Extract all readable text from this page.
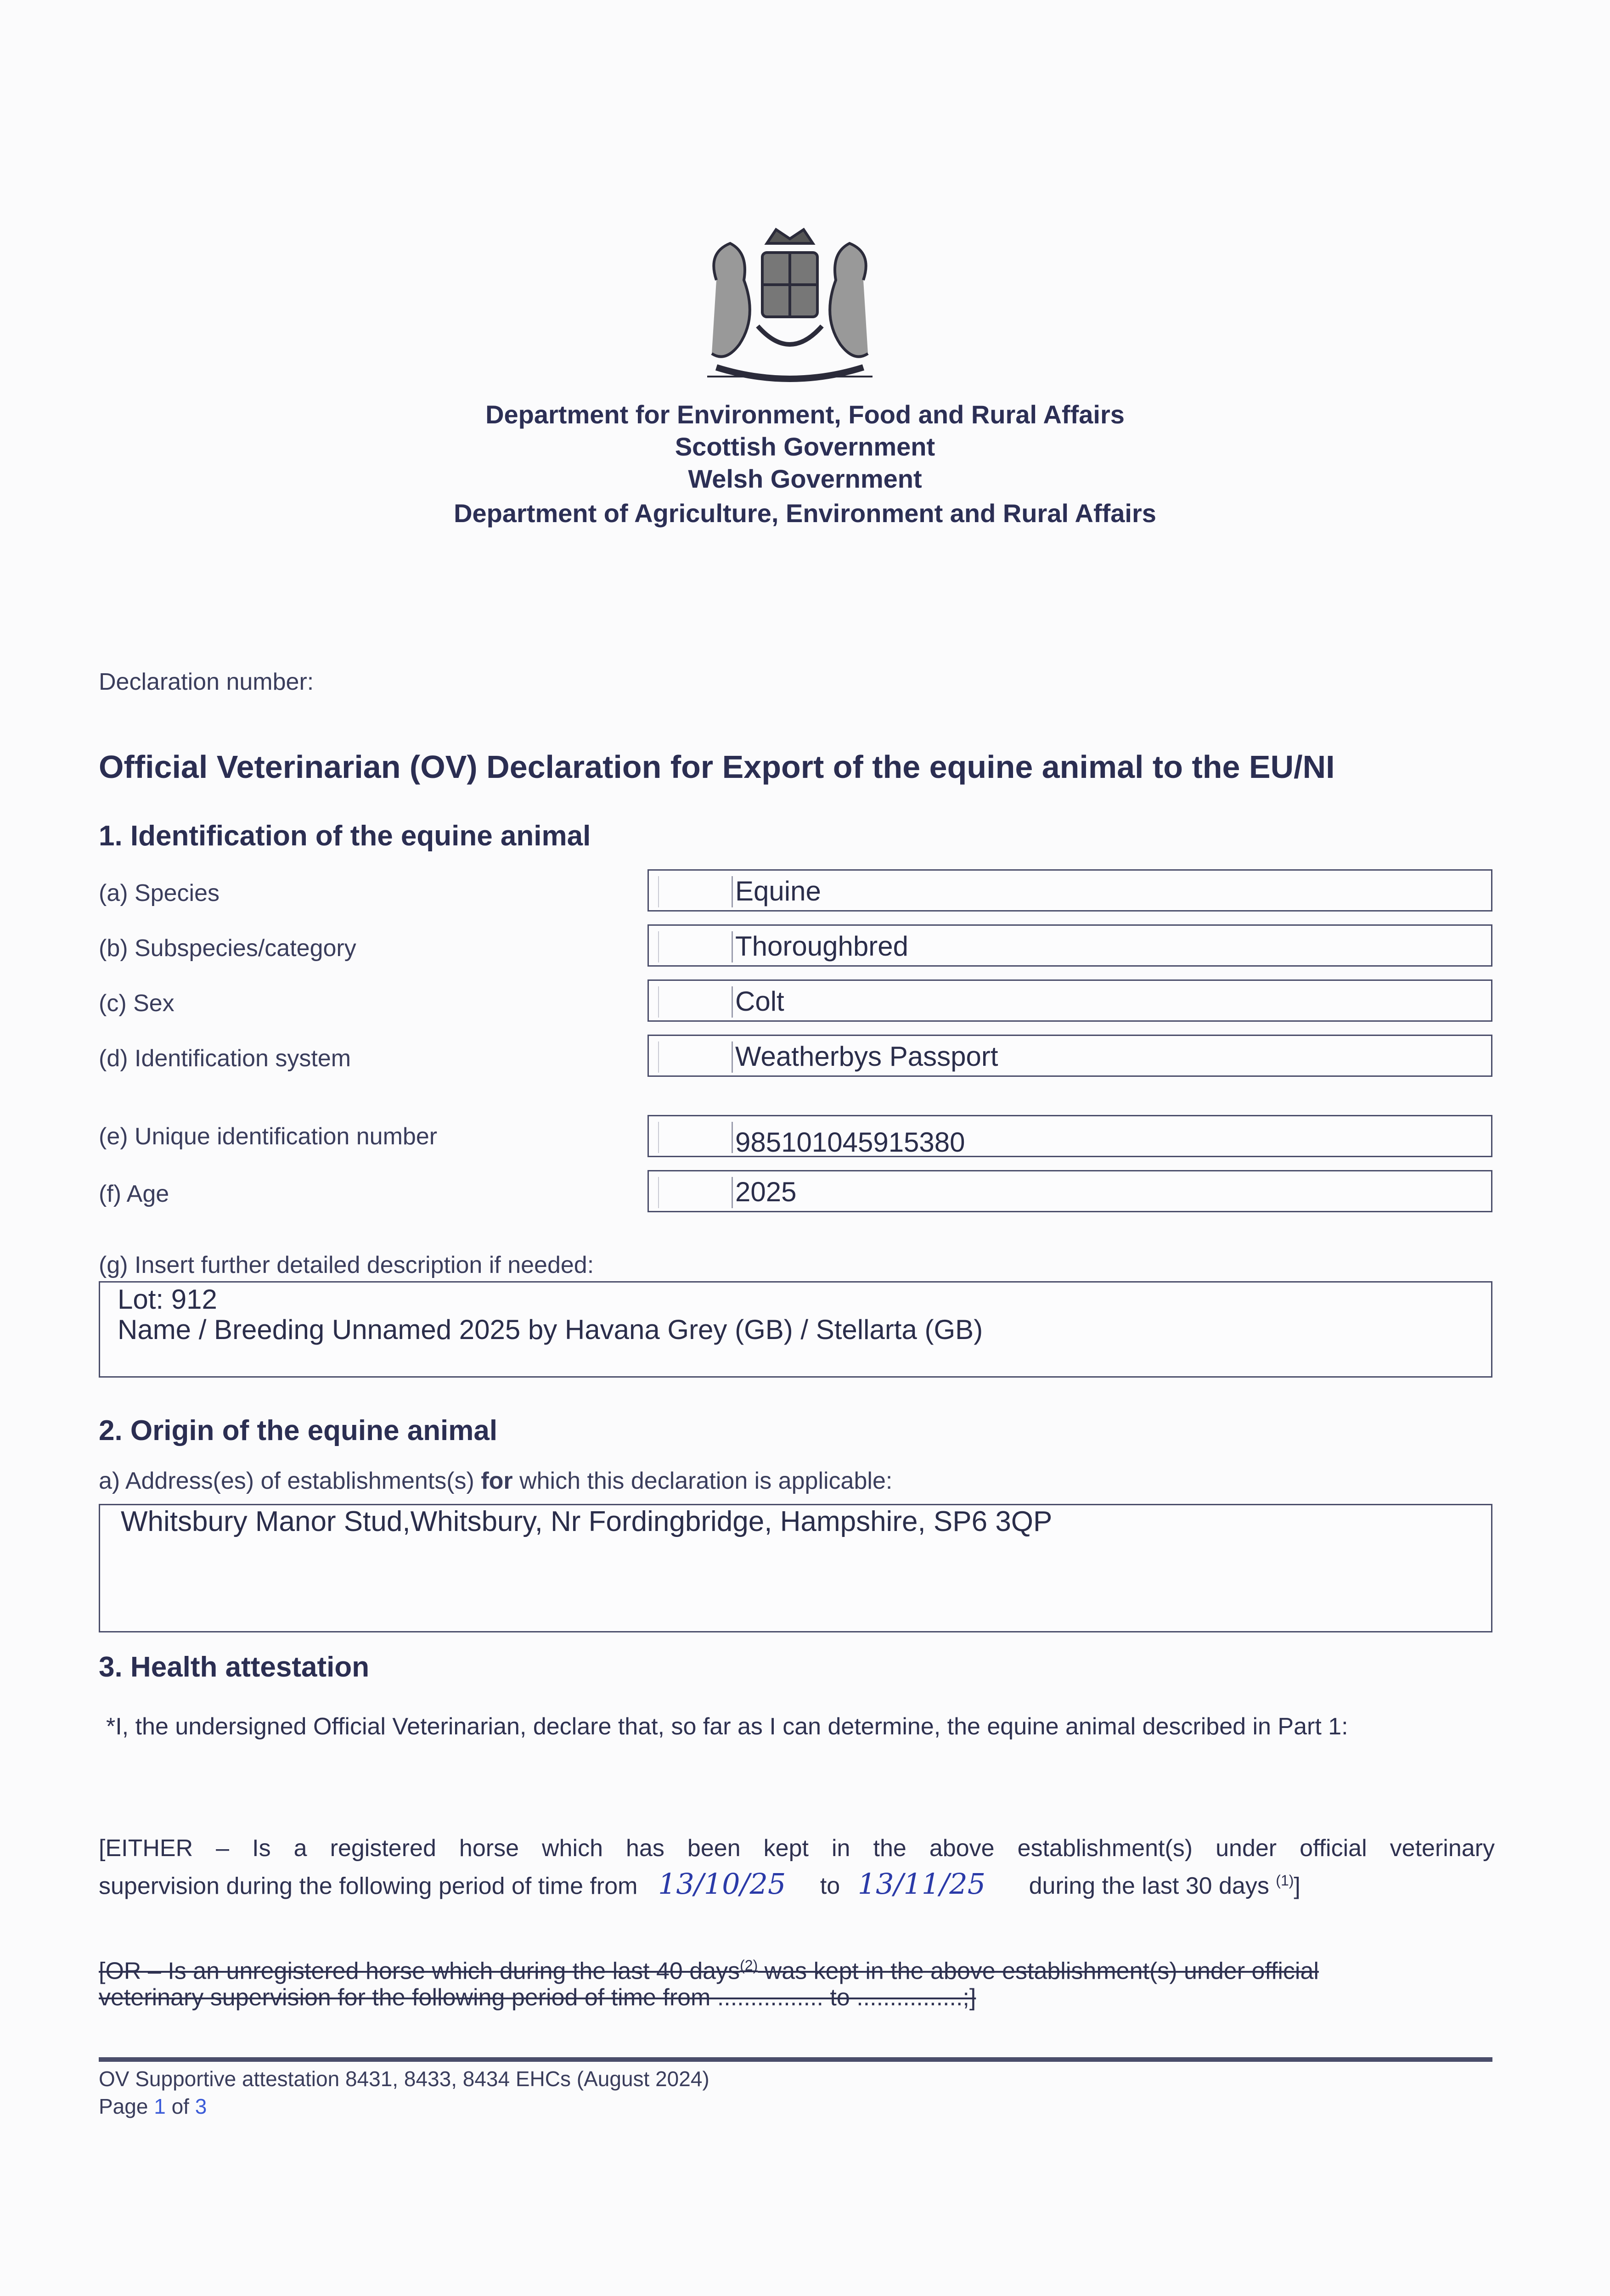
Department for Environment, Food and Rural Affairs
Scottish Government
Welsh Government
Department of Agriculture, Environment and Rural Affairs
Declaration number:
Official Veterinarian (OV) Declaration for Export of the equine animal to the EU/NI
1. Identification of the equine animal
(a) Species
(b) Subspecies/category
(c) Sex
(d) Identification system
(e) Unique identification number
(f) Age
Equine
Thoroughbred
Colt
Weatherbys Passport
985101045915380
2025
(g) Insert further detailed description if needed:
Lot: 912
Name / Breeding Unnamed 2025 by Havana Grey (GB) / Stellarta (GB)
2. Origin of the equine animal
a) Address(es) of establishments(s) for which this declaration is applicable:
Whitsbury Manor Stud,Whitsbury, Nr Fordingbridge, Hampshire, SP6 3QP
3. Health attestation
*I, the undersigned Official Veterinarian, declare that, so far as I can determine, the equine animal described in Part 1:
[EITHER – Is a registered horse which has been kept in the above establishment(s) under official veterinary
supervision during the following period of time from 13/10/25 to 13/11/25 during the last 30 days $^{(1)}$]
[OR – Is an unregistered horse which during the last 40 days$^{(2)}$ was kept in the above establishment(s) under official
veterinary supervision for the following period of time from ................ to ................;]
OV Supportive attestation 8431, 8433, 8434 EHCs (August 2024)
Page 1 of 3
